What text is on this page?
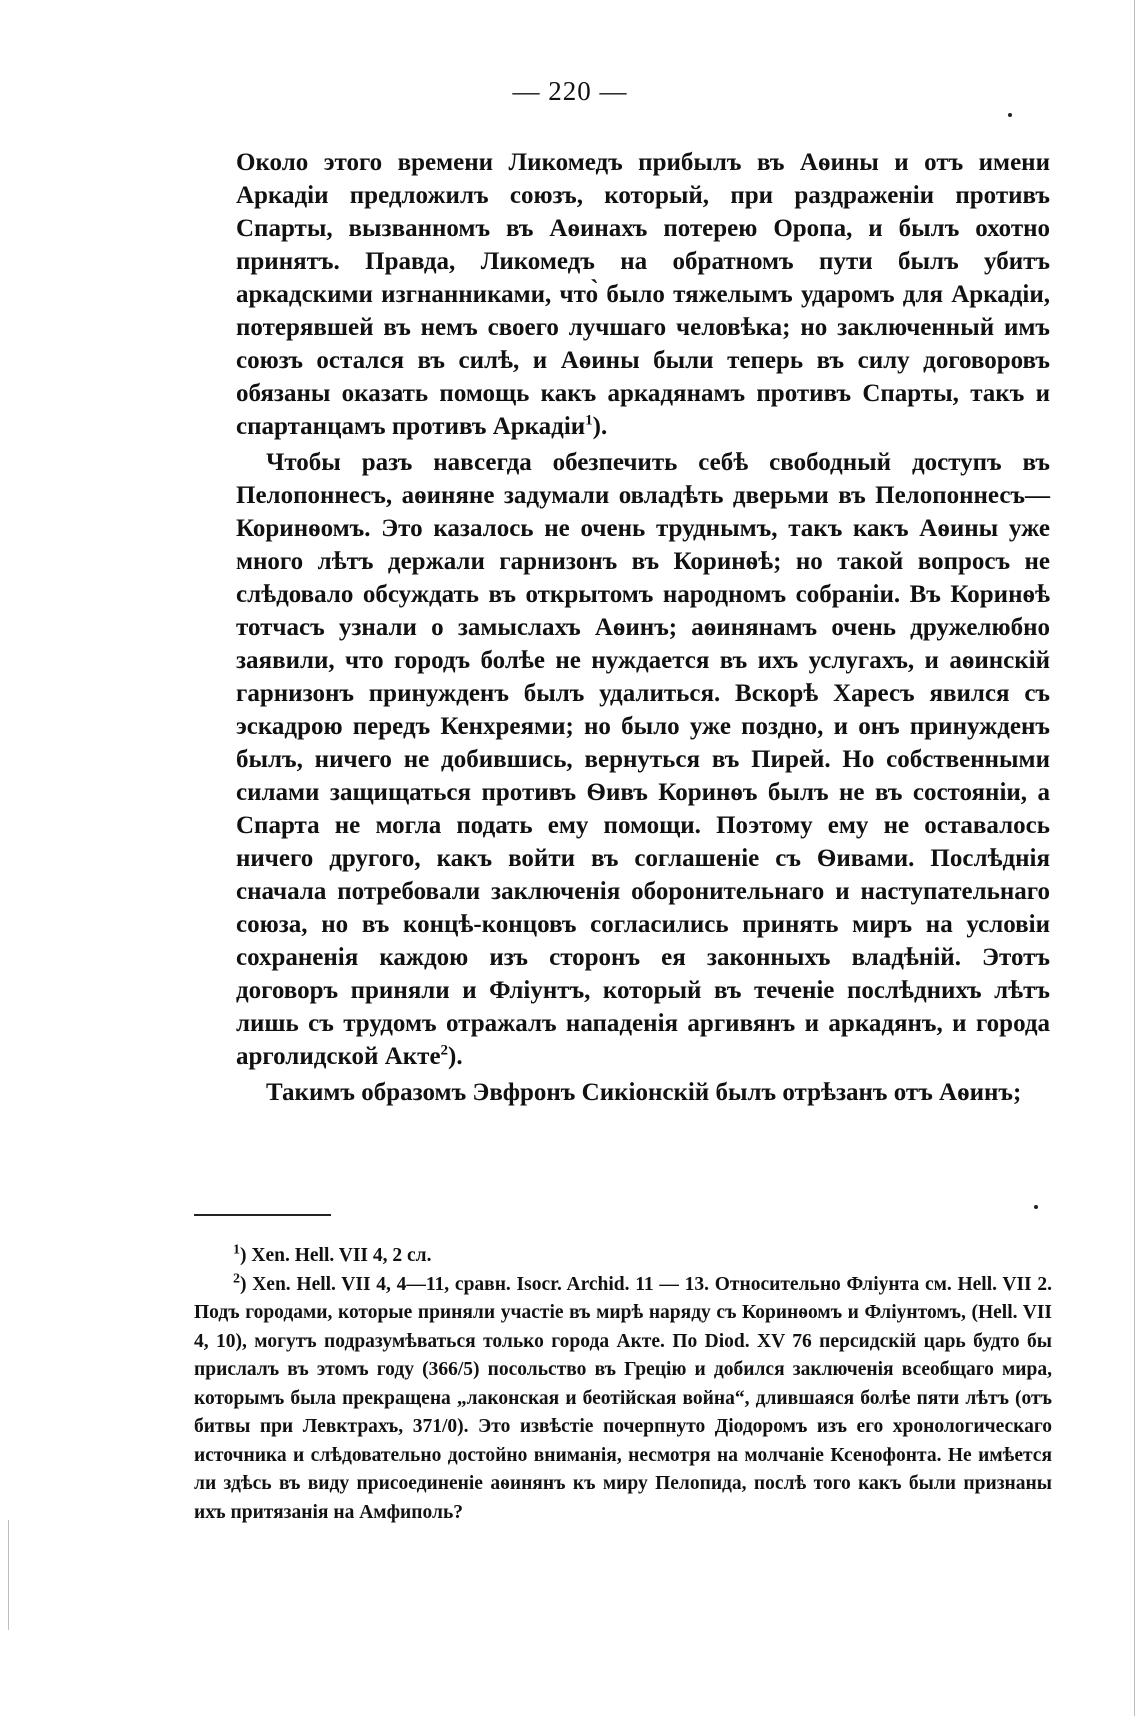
— 220 —

Около этого времени Ликомедъ прибылъ въ Аѳины и отъ имени Аркадіи предложилъ союзъ, который, при раздраженіи противъ Спарты, вызванномъ въ Аѳинахъ потерею Оропа, и былъ охотно принятъ. Правда, Ликомедъ на обратномъ пути былъ убитъ аркадскими изгнанниками, что̀ было тяжелымъ ударомъ для Аркадіи, потерявшей въ немъ своего лучшаго человѣка; но заключенный имъ союзъ остался въ силѣ, и Аѳины были теперь въ силу договоровъ обязаны оказать помощь какъ аркадянамъ противъ Спарты, такъ и спартанцамъ противъ Аркадіи$^1$).

Чтобы разъ навсегда обезпечить себѣ свободный доступъ въ Пелопоннесъ, аѳиняне задумали овладѣть дверьми въ Пелопоннесъ—Коринѳомъ. Это казалось не очень труднымъ, такъ какъ Аѳины уже много лѣтъ держали гарнизонъ въ Коринѳѣ; но такой вопросъ не слѣдовало обсуждать въ открытомъ народномъ собраніи. Въ Коринѳѣ тотчасъ узнали о замыслахъ Аѳинъ; аѳинянамъ очень дружелюбно заявили, что городъ болѣе не нуждается въ ихъ услугахъ, и аѳинскій гарнизонъ принужденъ былъ удалиться. Вскорѣ Харесъ явился съ эскадрою передъ Кенхреями; но было уже поздно, и онъ принужденъ былъ, ничего не добившись, вернуться въ Пирей. Но собственными силами защищаться противъ Ѳивъ Коринѳъ былъ не въ состояніи, а Спарта не могла подать ему помощи. Поэтому ему не оставалось ничего другого, какъ войти въ соглашеніе съ Ѳивами. Послѣднія сначала потребовали заключенія оборонительнаго и наступательнаго союза, но въ концѣ-концовъ согласились принять миръ на условіи сохраненія каждою изъ сторонъ ея законныхъ владѣній. Этотъ договоръ приняли и Фліунтъ, который въ теченіе послѣднихъ лѣтъ лишь съ трудомъ отражалъ нападенія аргивянъ и аркадянъ, и города арголидской Акте$^2$).

Такимъ образомъ Эвфронъ Сикіонскій былъ отрѣзанъ отъ Аѳинъ;

$^1$) Xen. Hell. VII 4, 2 сл.

$^2$) Xen. Hell. VII 4, 4—11, сравн. Isocr. Archid. 11 — 13. Относительно Фліунта см. Hell. VII 2. Подъ городами, которые приняли участіе въ мирѣ наряду съ Коринѳомъ и Фліунтомъ, (Hell. VII 4, 10), могутъ подразумѣваться только города Акте. По Diod. XV 76 персидскій царь будто бы прислалъ въ этомъ году (366/5) посольство въ Грецію и добился заключенія всеобщаго мира, которымъ была прекращена „лаконская и беотійская война“, длившаяся болѣе пяти лѣтъ (отъ битвы при Левктрахъ, 371/0). Это извѣстіе почерпнуто Діодоромъ изъ его хронологическаго источника и слѣдовательно достойно вниманія, несмотря на молчаніе Ксенофонта. Не имѣется ли здѣсь въ виду присоединеніе аѳинянъ къ миру Пелопида, послѣ того какъ были признаны ихъ притязанія на Амфиполь?
